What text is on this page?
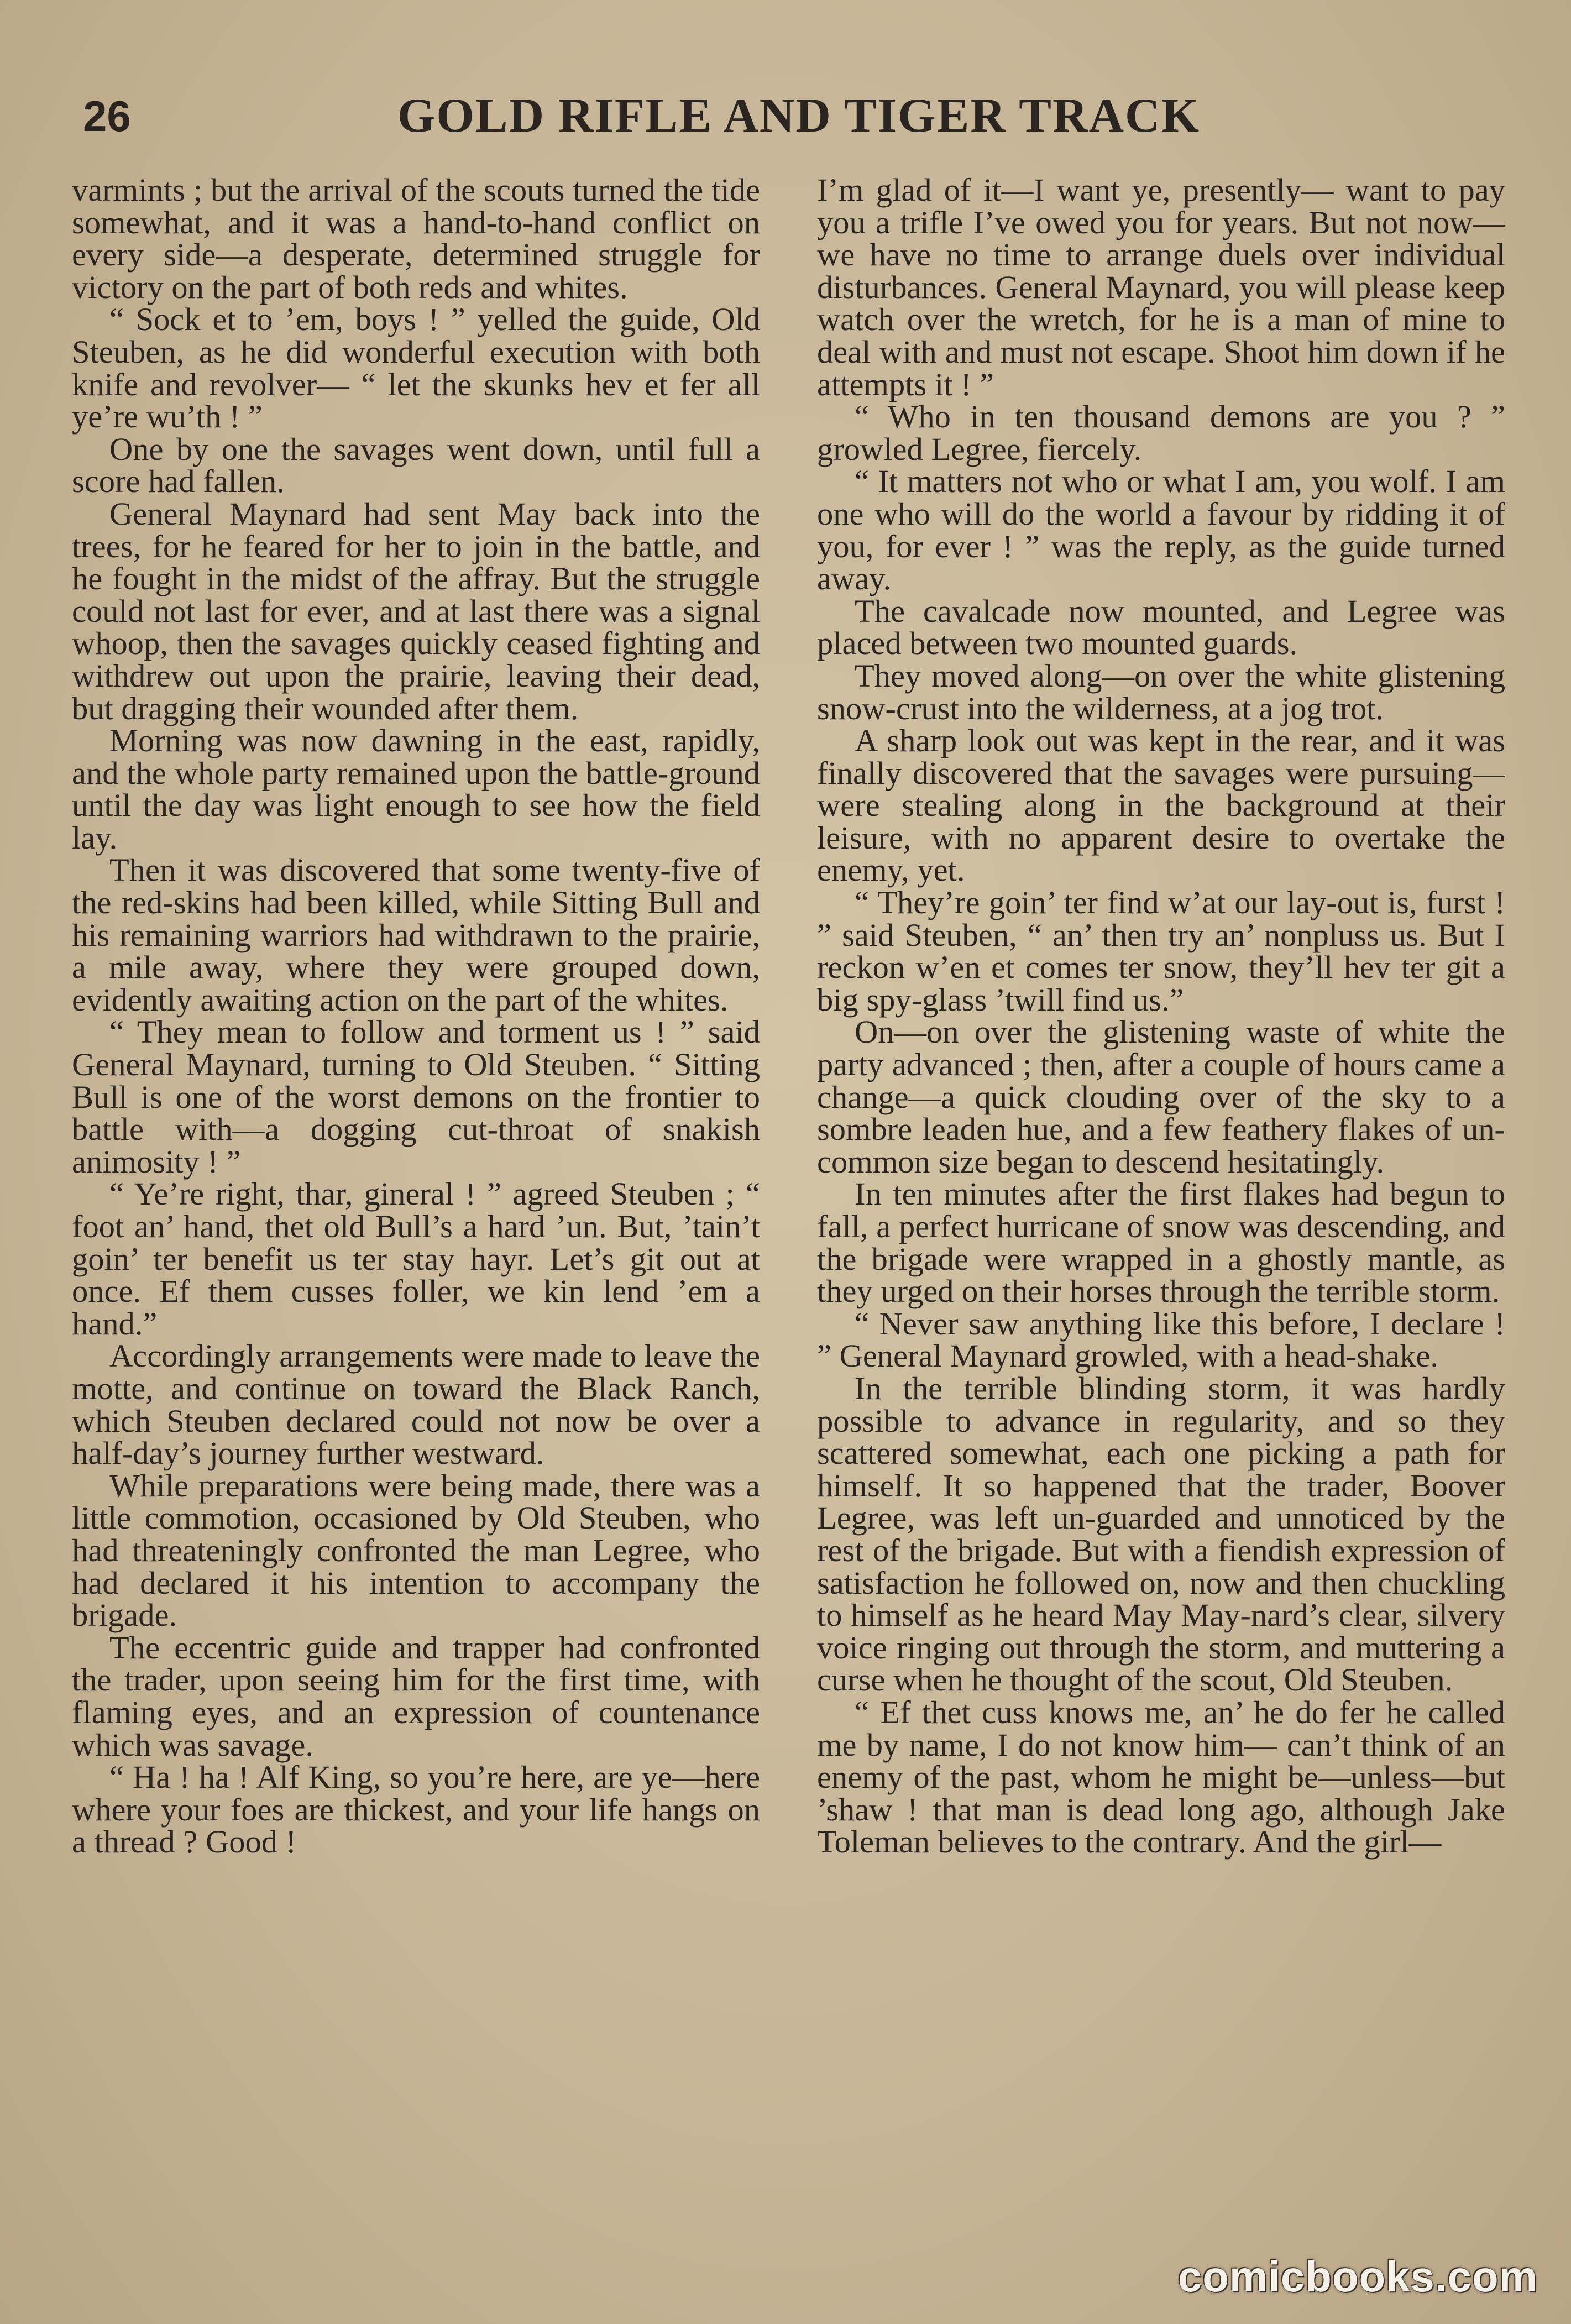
26	GOLD RIFLE AND TIGER TRACK

varmints ; but the arrival of the scouts turned the tide somewhat, and it was a hand-to-hand conflict on every side—a desperate, determined struggle for victory on the part of both reds and whites.

“ Sock et to ’em, boys ! ” yelled the guide, Old Steuben, as he did wonderful execution with both knife and revolver— “ let the skunks hev et fer all ye’re wu’th ! ”

One by one the savages went down, until full a score had fallen.

General Maynard had sent May back into the trees, for he feared for her to join in the battle, and he fought in the midst of the affray. But the struggle could not last for ever, and at last there was a signal whoop, then the savages quickly ceased fighting and withdrew out upon the prairie, leaving their dead, but dragging their wounded after them.

Morning was now dawning in the east, rapidly, and the whole party remained upon the battle-ground until the day was light enough to see how the field lay.

Then it was discovered that some twenty-five of the red-skins had been killed, while Sitting Bull and his remaining warriors had withdrawn to the prairie, a mile away, where they were grouped down, evidently awaiting action on the part of the whites.

“ They mean to follow and torment us ! ” said General Maynard, turning to Old Steuben. “ Sitting Bull is one of the worst demons on the frontier to battle with—a dogging cut-throat of snakish animosity ! ”

“ Ye’re right, thar, gineral ! ” agreed Steuben ; “ foot an’ hand, thet old Bull’s a hard ’un. But, ’tain’t goin’ ter benefit us ter stay hayr. Let’s git out at once. Ef them cusses foller, we kin lend ’em a hand.”

Accordingly arrangements were made to leave the motte, and continue on toward the Black Ranch, which Steuben declared could not now be over a half-day’s journey further westward.

While preparations were being made, there was a little commotion, occasioned by Old Steuben, who had threateningly confronted the man Legree, who had declared it his intention to accompany the brigade.

The eccentric guide and trapper had confronted the trader, upon seeing him for the first time, with flaming eyes, and an expression of countenance which was savage.

“ Ha ! ha ! Alf King, so you’re here, are ye—here where your foes are thickest, and your life hangs on a thread ? Good !

I’m glad of it—I want ye, presently— want to pay you a trifle I’ve owed you for years. But not now—we have no time to arrange duels over individual disturbances. General Maynard, you will please keep watch over the wretch, for he is a man of mine to deal with and must not escape. Shoot him down if he attempts it ! ”

“ Who in ten thousand demons are you ? ” growled Legree, fiercely.

“ It matters not who or what I am, you wolf. I am one who will do the world a favour by ridding it of you, for ever ! ” was the reply, as the guide turned away.

The cavalcade now mounted, and Legree was placed between two mounted guards.

They moved along—on over the white glistening snow-crust into the wilderness, at a jog trot.

A sharp look out was kept in the rear, and it was finally discovered that the savages were pursuing—were stealing along in the background at their leisure, with no apparent desire to overtake the enemy, yet.

“ They’re goin’ ter find w’at our lay-out is, furst ! ” said Steuben, “ an’ then try an’ nonpluss us. But I reckon w’en et comes ter snow, they’ll hev ter git a big spy-glass ’twill find us.”

On—on over the glistening waste of white the party advanced ; then, after a couple of hours came a change—a quick clouding over of the sky to a sombre leaden hue, and a few feathery flakes of un-common size began to descend hesitatingly.

In ten minutes after the first flakes had begun to fall, a perfect hurricane of snow was descending, and the brigade were wrapped in a ghostly mantle, as they urged on their horses through the terrible storm.

“ Never saw anything like this before, I declare ! ” General Maynard growled, with a head-shake.

In the terrible blinding storm, it was hardly possible to advance in regularity, and so they scattered somewhat, each one picking a path for himself. It so happened that the trader, Boover Legree, was left un-guarded and unnoticed by the rest of the brigade. But with a fiendish expression of satisfaction he followed on, now and then chuckling to himself as he heard May May-nard’s clear, silvery voice ringing out through the storm, and muttering a curse when he thought of the scout, Old Steuben.

“ Ef thet cuss knows me, an’ he do fer he called me by name, I do not know him— can’t think of an enemy of the past, whom he might be—unless—but ’shaw ! that man is dead long ago, although Jake Toleman believes to the contrary. And the girl—

comicbooks.com
